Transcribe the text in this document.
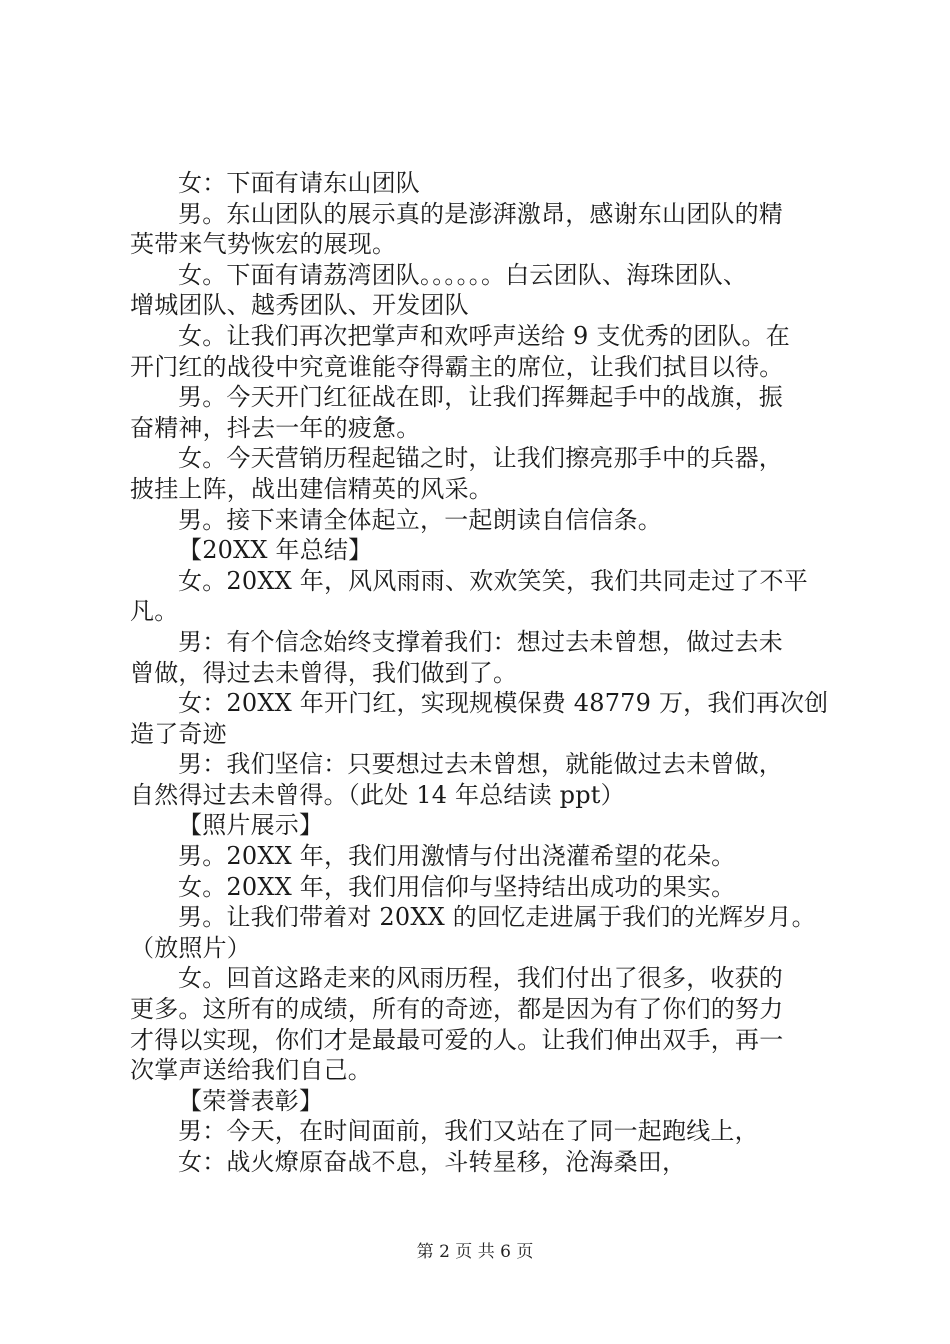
女：下面有请东山团队
男。东山团队的展示真的是澎湃激昂，感谢东山团队的精
英带来气势恢宏的展现。
女。下面有请荔湾团队。。。。。。白云团队、海珠团队、
增城团队、越秀团队、开发团队
女。让我们再次把掌声和欢呼声送给 9 支优秀的团队。在
开门红的战役中究竟谁能夺得霸主的席位，让我们拭目以待。
男。今天开门红征战在即，让我们挥舞起手中的战旗，振
奋精神，抖去一年的疲惫。
女。今天营销历程起锚之时，让我们擦亮那手中的兵器，
披挂上阵，战出建信精英的风采。
男。接下来请全体起立，一起朗读自信信条。
【20XX 年总结】
女。20XX 年，风风雨雨、欢欢笑笑，我们共同走过了不平
凡。
男：有个信念始终支撑着我们：想过去未曾想，做过去未
曾做，得过去未曾得，我们做到了。
女：20XX 年开门红，实现规模保费 48779 万，我们再次创
造了奇迹
男：我们坚信：只要想过去未曾想，就能做过去未曾做，
自然得过去未曾得。（此处 14 年总结读 ppt）
【照片展示】
男。20XX 年，我们用激情与付出浇灌希望的花朵。
女。20XX 年，我们用信仰与坚持结出成功的果实。
男。让我们带着对 20XX 的回忆走进属于我们的光辉岁月。
（放照片）
女。回首这路走来的风雨历程，我们付出了很多，收获的
更多。这所有的成绩，所有的奇迹，都是因为有了你们的努力
才得以实现，你们才是最最可爱的人。让我们伸出双手，再一
次掌声送给我们自己。
【荣誉表彰】
男：今天，在时间面前，我们又站在了同一起跑线上，
女：战火燎原奋战不息，斗转星移，沧海桑田，
第 2 页 共 6 页
